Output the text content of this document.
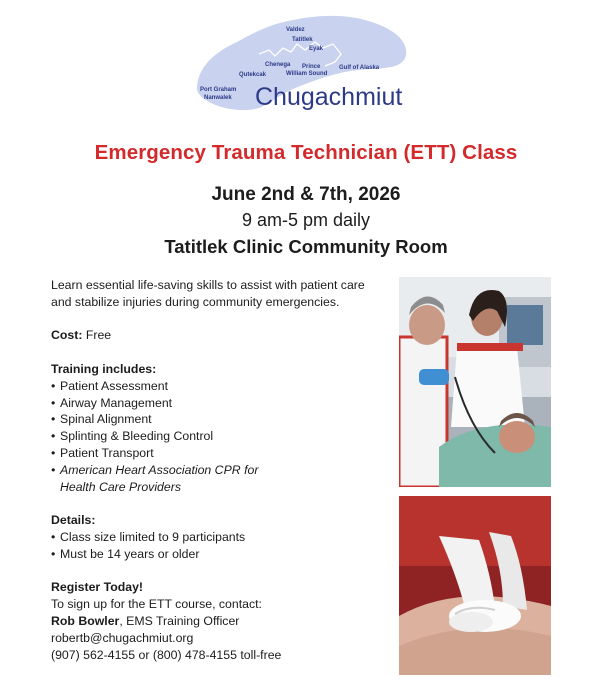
Valdez
Tatitlek
Eyak
Chenega
Qutekcak
Prince
William Sound
Gulf of Alaska
Port Graham
Nanwalek Chugachmiut
Emergency Trauma Technician (ETT) Class
June 2nd & 7th, 2026
9 am-5 pm daily
Tatitlek Clinic Community Room

Learn essential life-saving skills to assist with patient care

and stabilize injuries during community emergencies.

Cost: Free

Training includes:

• Patient Assessment
• Airway Management
• Spinal Alignment
• Splinting & Bleeding Control
• Patient Transport
• American Heart Association CPR for
Health Care Providers

Details:

• Class size limited to 9 participants
• Must be 14 years or older

Register Today!

To sign up for the ETT course, contact:

Rob Bowler, EMS Training Officer

robertb@chugachmiut.org

(907) 562-4155 or (800) 478-4155 toll-free
